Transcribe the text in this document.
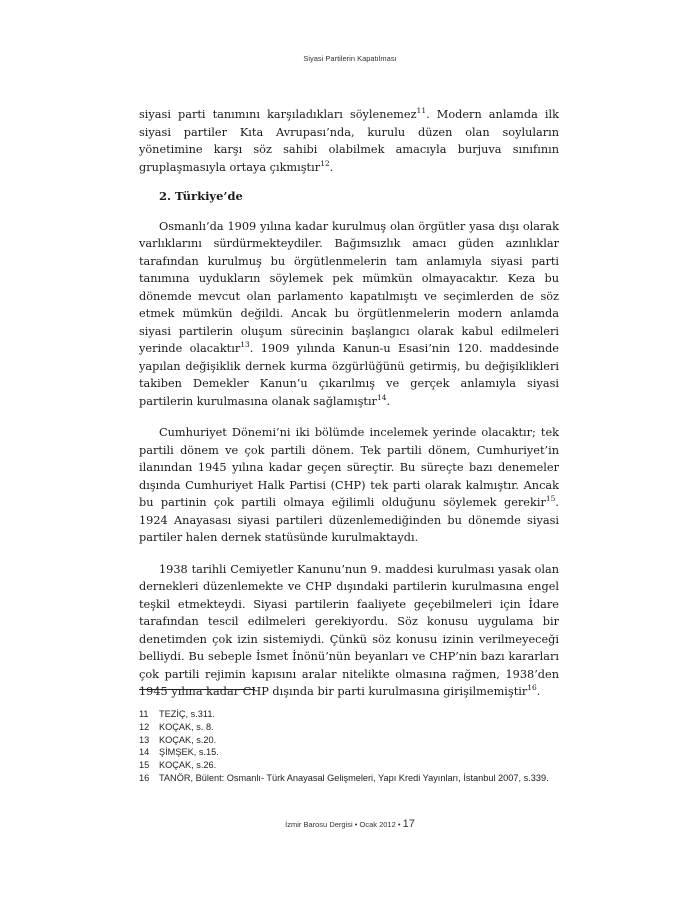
Siyasi Partilerin Kapatılması

siyasi parti tanımını karşıladıkları söylenemez$^{11}$. Modern anlamda ilk siyasi partiler Kıta Avrupası’nda, kurulu düzen olan soyluların yönetimine karşı söz sahibi olabilmek amacıyla burjuva sınıfının gruplaşmasıyla ortaya çıkmıştır$^{12}$.

2. Türkiye’de

Osmanlı’da 1909 yılına kadar kurulmuş olan örgütler yasa dışı olarak varlıklarını sürdürmekteydiler. Bağımsızlık amacı güden azınlıklar tarafından kurulmuş bu örgütlenmelerin tam anlamıyla siyasi parti tanımına uydukların söylemek pek mümkün olmayacaktır. Keza bu dönemde mevcut olan parlamento kapatılmıştı ve seçimlerden de söz etmek mümkün değildi. Ancak bu örgütlenmelerin modern anlamda siyasi partilerin oluşum sürecinin başlangıcı olarak kabul edilmeleri yerinde olacaktır$^{13}$. 1909 yılında Kanun-u Esasi’nin 120. maddesinde yapılan değişiklik dernek kurma özgürlüğünü getirmiş, bu değişiklikleri takiben Demekler Kanun’u çıkarılmış ve gerçek anlamıyla siyasi partilerin kurulmasına olanak sağlamıştır$^{14}$.

Cumhuriyet Dönemi’ni iki bölümde incelemek yerinde olacaktır; tek partili dönem ve çok partili dönem. Tek partili dönem, Cumhuriyet’in ilanından 1945 yılına kadar geçen süreçtir. Bu süreçte bazı denemeler dışında Cumhuriyet Halk Partisi (CHP) tek parti olarak kalmıştır. Ancak bu partinin çok partili olmaya eğilimli olduğunu söylemek gerekir$^{15}$. 1924 Anayasası siyasi partileri düzenlemediğinden bu dönemde siyasi partiler halen dernek statüsünde kurulmaktaydı.

1938 tarihli Cemiyetler Kanunu’nun 9. maddesi kurulması yasak olan dernekleri düzenlemekte ve CHP dışındaki partilerin kurulmasına engel teşkil etmekteydi. Siyasi partilerin faaliyete geçebilmeleri için İdare tarafından tescil edilmeleri gerekiyordu. Söz konusu uygulama bir denetimden çok izin sistemiydi. Çünkü söz konusu izinin verilmeyeceği belliydi. Bu sebeple İsmet İnönü’nün beyanları ve CHP’nin bazı kararları çok partili rejimin kapısını aralar nitelikte olmasına rağmen, 1938’den 1945 yılına kadar CHP dışında bir parti kurulmasına girişilmemiştir$^{16}$.

11	TEZİÇ, s.311.
12	KOÇAK, s. 8.
13	KOÇAK, s.20.
14	ŞİMŞEK, s.15.
15	KOÇAK, s.26.
16	TANÖR, Bülent: Osmanlı- Türk Anayasal Gelişmeleri, Yapı Kredi Yayınları, İstanbul 2007, s.339.
İzmir Barosu Dergisi • Ocak 2012 • 17
